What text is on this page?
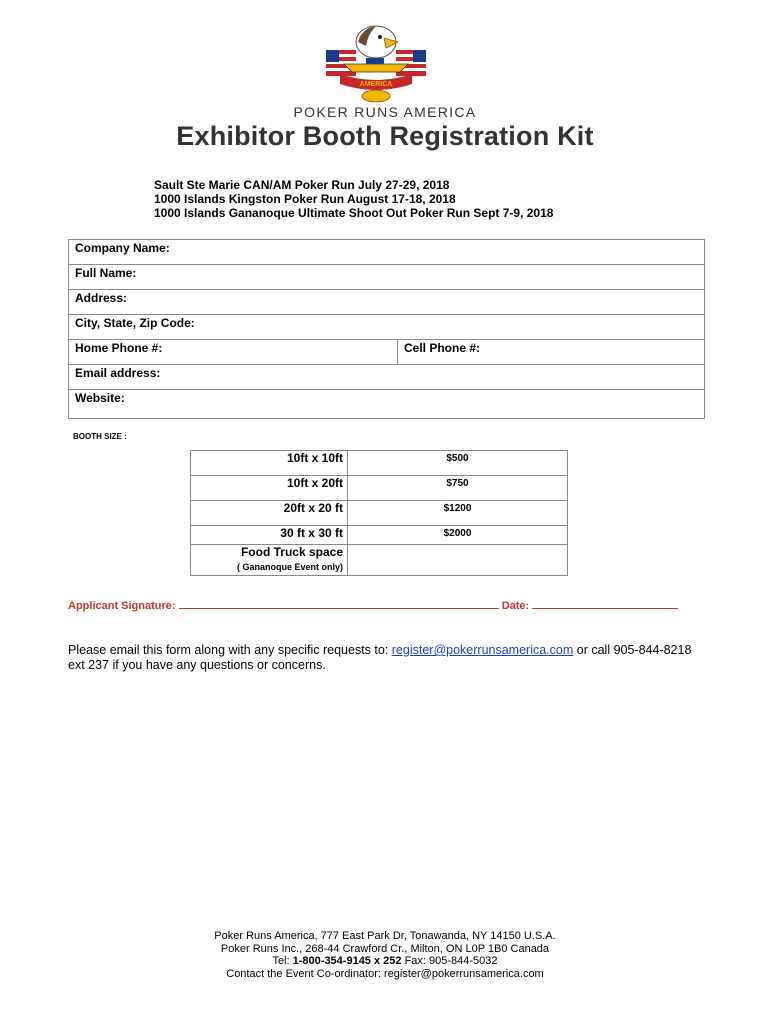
AMERICA
POKER RUNS AMERICA
Exhibitor Booth Registration Kit
Sault Ste Marie CAN/AM Poker Run July 27-29, 2018
1000 Islands Kingston Poker Run August 17-18, 2018
1000 Islands Gananoque Ultimate Shoot Out Poker Run Sept 7-9, 2018
Company Name:
Full Name:
Address:
City, State, Zip Code:
Home Phone #:	Cell Phone #:
Email address:
Website:
BOOTH SIZE :
10ft x 10ft	$500
10ft x 20ft	$750
20ft x 20 ft	$1200
30 ft x 30 ft	$2000

Food Truck space
( Gananoque Event only)	

Applicant Signature:	Date:
Please email this form along with any specific requests to: register@pokerrunsamerica.com or call 905-844-8218 ext 237 if you have any questions or concerns.
Poker Runs America, 777 East Park Dr, Tonawanda, NY 14150 U.S.A.
Poker Runs Inc., 268-44 Crawford Cr., Milton, ON L0P 1B0 Canada
Tel: 1-800-354-9145 x 252 Fax: 905-844-5032
Contact the Event Co-ordinator: register@pokerrunsamerica.com
